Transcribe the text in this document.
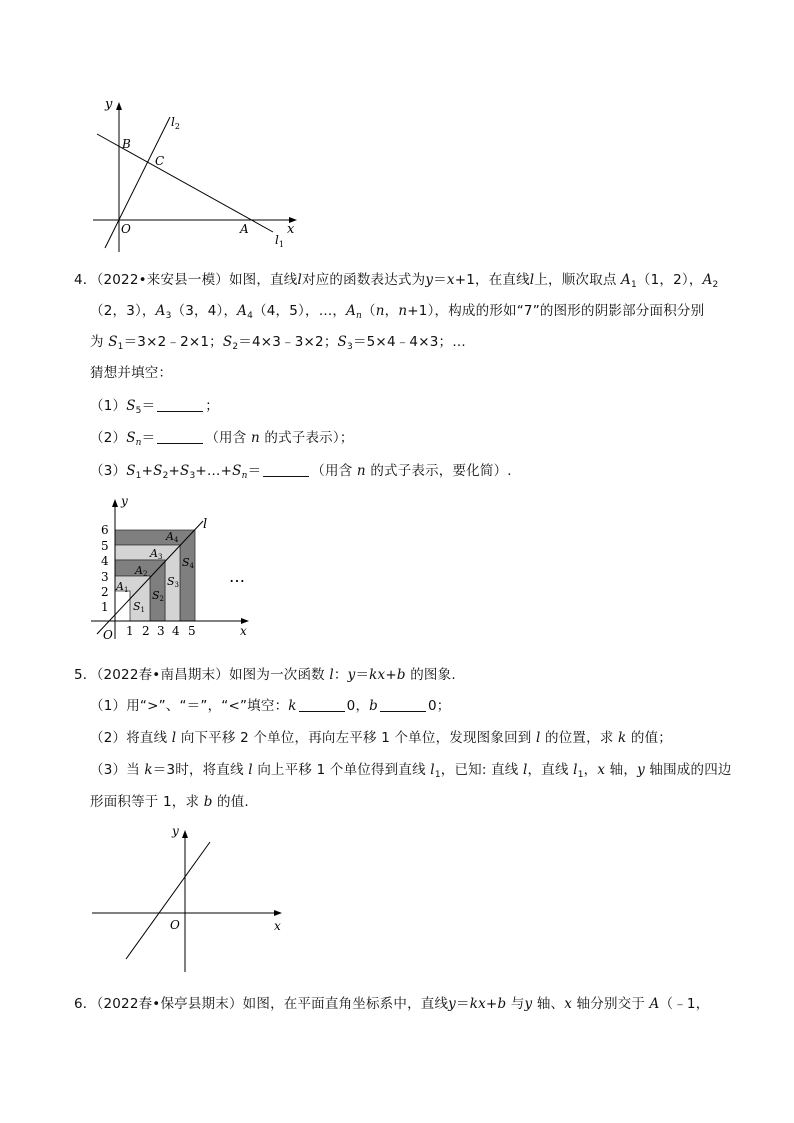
y
x
$l_2$
$l_1$
B
C
O	A
4．（2022•来安县一模）如图，直线l对应的函数表达式为y＝x+1，在直线l上，顺次取点 $A_1(1$，2），$A_2$
（2，3），$A_3(3$，4），$A_4(4$，5），…，$A_n(n$，n+1），构成的形如“7”的图形的阴影部分面积分别
为 $S_1=3\times 2﹣2\times 1$；$S_2=4\times 3﹣3\times 2$；$S_3=5\times 4﹣4\times 3$；…
猜想并填空：
$(1)S_5=$	；
$(2)S_n=$	（用含 n 的式子表示）；
$(3)S_1+S_2+S_3+\dots+S_n=$	（用含 n 的式子表示，要化简）.
1
2
3
4
5
6
1 2 3 4 5
y
x
l
O
A1
A2
A3
A4
S1
S2
S3
S4
…
5．（2022春•南昌期末）如图为一次函数 l：y＝kx+b 的图象.
（1）用“>”、“＝”，“<”填空：k	0，b	0；
（2）将直线 l 向下平移 2 个单位，再向左平移 1 个单位，发现图象回到 l 的位置，求 k 的值；
（3）当 k＝3时，将直线 l 向上平移 1 个单位得到直线 $l_1$，已知: 直线 l，直线 $l_1$，x 轴，y 轴围成的四边
形面积等于 1，求 b 的值.
y
x
O
6．（2022春•保亭县期末）如图，在平面直角坐标系中，直线y＝kx+b 与y 轴、x 轴分别交于 A（﹣1，
